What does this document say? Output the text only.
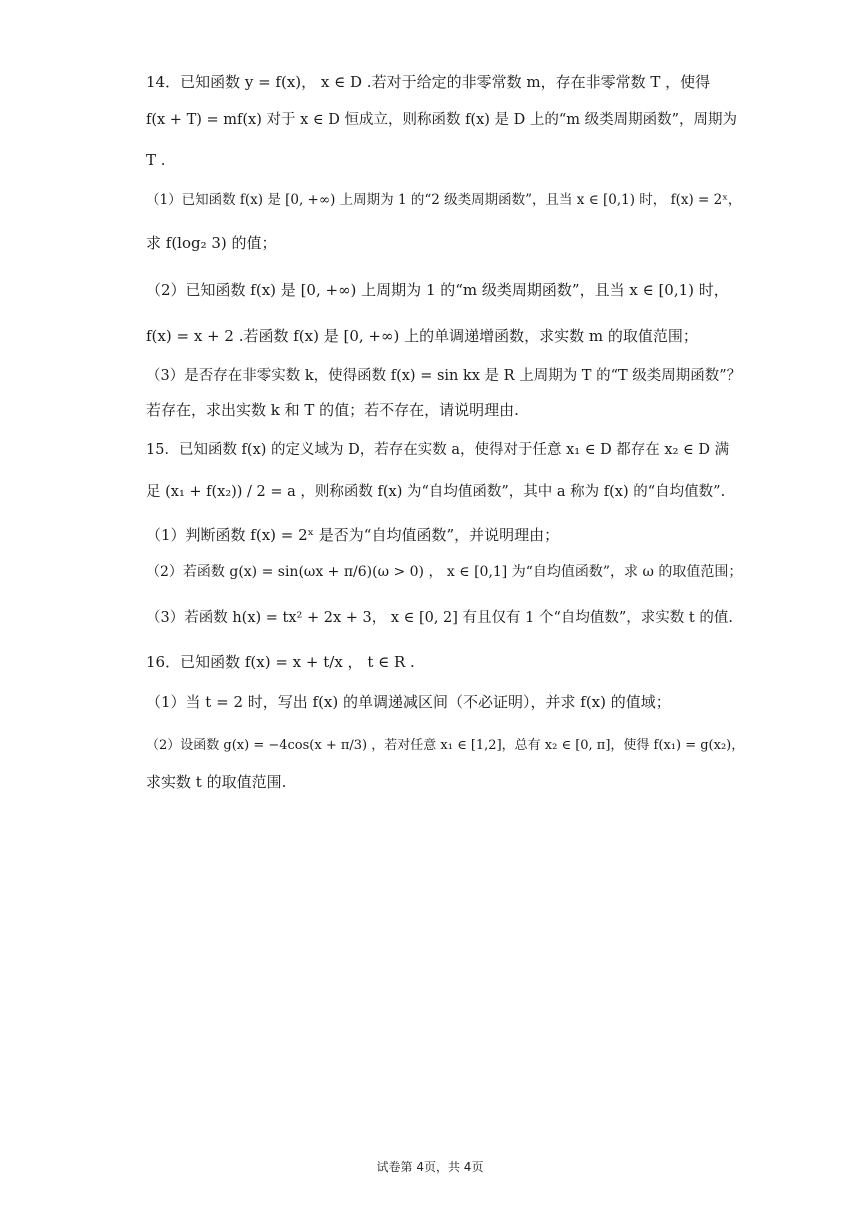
14．已知函数 y = f(x)， x ∈ D .若对于给定的非零常数 m，存在非零常数 T ，使得
f(x + T) = mf(x) 对于 x ∈ D 恒成立，则称函数 f(x) 是 D 上的“m 级类周期函数”，周期为
T .
（1）已知函数 f(x) 是 [0, +∞) 上周期为 1 的“2 级类周期函数”，且当 x ∈ [0,1) 时， f(x) = 2ˣ，
求 f(log₂ 3) 的值；
（2）已知函数 f(x) 是 [0, +∞) 上周期为 1 的“m 级类周期函数”，且当 x ∈ [0,1) 时，
f(x) = x + 2 .若函数 f(x) 是 [0, +∞) 上的单调递增函数，求实数 m 的取值范围；
（3）是否存在非零实数 k，使得函数 f(x) = sin kx 是 R 上周期为 T 的“T 级类周期函数”？
若存在，求出实数 k 和 T 的值；若不存在，请说明理由.
15．已知函数 f(x) 的定义域为 D，若存在实数 a，使得对于任意 x₁ ∈ D 都存在 x₂ ∈ D 满
足 (x₁ + f(x₂)) / 2 = a ，则称函数 f(x) 为“自均值函数”，其中 a 称为 f(x) 的“自均值数”.
（1）判断函数 f(x) = 2ˣ 是否为“自均值函数”，并说明理由；
（2）若函数 g(x) = sin(ωx + π/6)(ω > 0) ， x ∈ [0,1] 为“自均值函数”，求 ω 的取值范围；
（3）若函数 h(x) = tx² + 2x + 3， x ∈ [0, 2] 有且仅有 1 个“自均值数”，求实数 t 的值.
16．已知函数 f(x) = x + t/x ， t ∈ R .
（1）当 t = 2 时，写出 f(x) 的单调递减区间（不必证明），并求 f(x) 的值域；
（2）设函数 g(x) = −4cos(x + π/3) ，若对任意 x₁ ∈ [1,2]，总有 x₂ ∈ [0, π]，使得 f(x₁) = g(x₂)，
求实数 t 的取值范围.
试卷第 4页，共 4页
